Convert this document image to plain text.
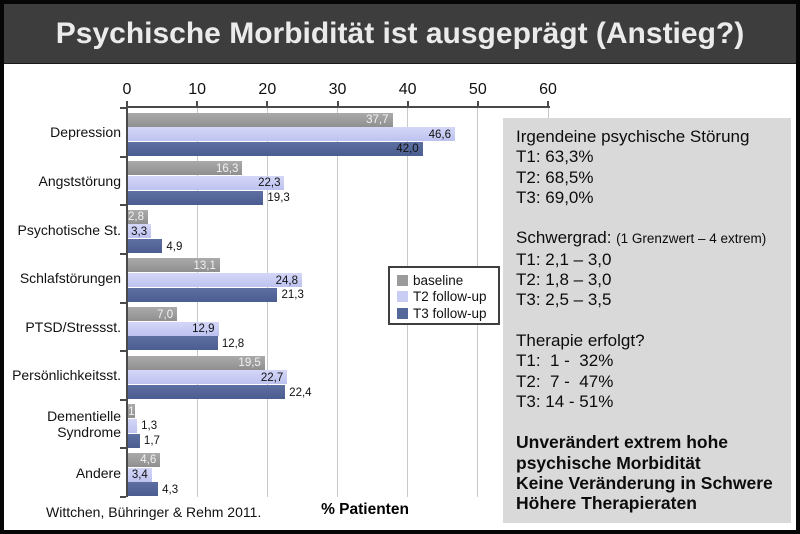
Psychische Morbidität ist ausgeprägt (Anstieg?)
37,7
16,3
2,8
13,1
7,0
19,5
1
4,6
46,6
22,3
3,3
24,8
12,9
22,7
1,3
3,4
42,0
19,3
4,9
21,3
12,8
22,4
1,7
4,3
0	10	20	30	40	50	60
Depression
Angststörung
Psychotische St.
Schlafstörungen
PTSD/Stressst.
Persönlichkeitsst.
Dementielle Syndrome
Andere
baseline
T2 follow-up
T3 follow-up
Irgendeine psychische Störung
T1: 63,3%
T2: 68,5%
T3: 69,0%
Schwergrad: (1 Grenzwert – 4 extrem)
T1: 2,1 – 3,0
T2: 1,8 – 3,0
T3: 2,5 – 3,5
Therapie erfolgt?
T1:  1 -  32%
T2:  7 -  47%
T3: 14 - 51%
Unverändert extrem hohe
psychische Morbidität
Keine Veränderung in Schwere
Höhere Therapieraten
Wittchen, Bühringer & Rehm 2011.	% Patienten
